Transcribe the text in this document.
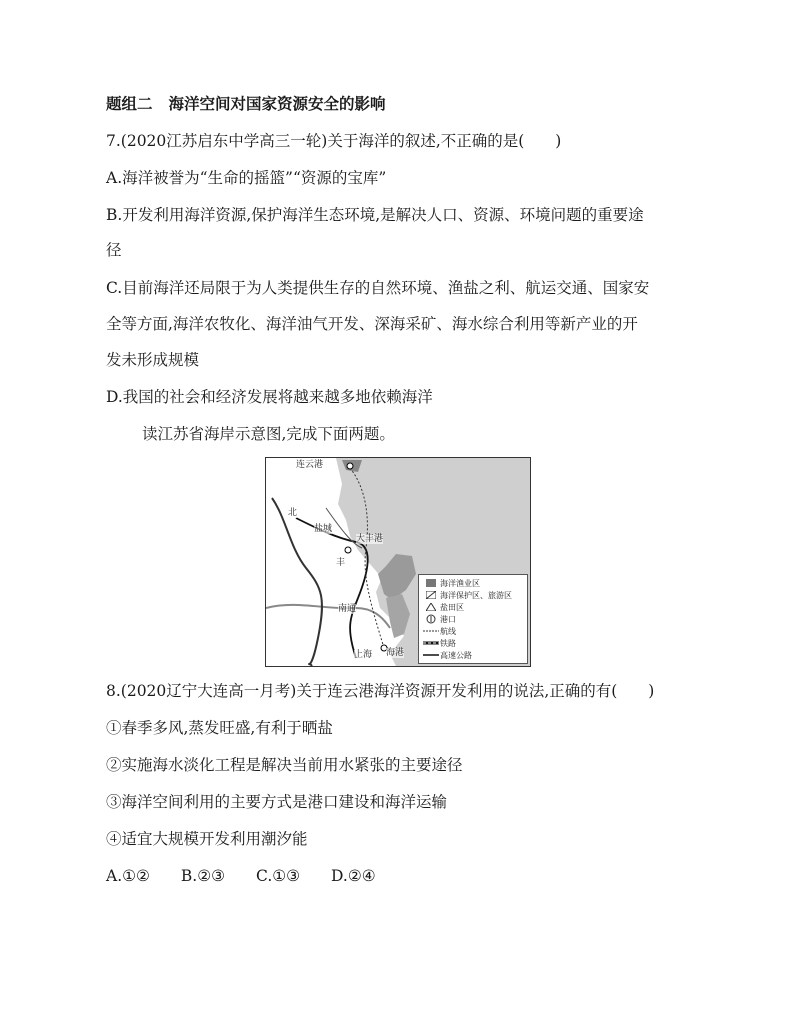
题组二 海洋空间对国家资源安全的影响
7.(2020江苏启东中学高三一轮)关于海洋的叙述,不正确的是(　　)
A.海洋被誉为“生命的摇篮”“资源的宝库”
B.开发利用海洋资源,保护海洋生态环境,是解决人口、资源、环境问题的重要途
径
C.目前海洋还局限于为人类提供生存的自然环境、渔盐之利、航运交通、国家安
全等方面,海洋农牧化、海洋油气开发、深海采矿、海水综合利用等新产业的开
发未形成规模
D.我国的社会和经济发展将越来越多地依赖海洋
读江苏省海岸示意图,完成下面两题。
连云港
北
盐城
大丰港
丰
南通
上海 海港
海洋渔业区
海洋保护区、旅游区
盐田区
港口
航线
铁路
高速公路
8.(2020辽宁大连高一月考)关于连云港海洋资源开发利用的说法,正确的有(　　)
①春季多风,蒸发旺盛,有利于晒盐
②实施海水淡化工程是解决当前用水紧张的主要途径
③海洋空间利用的主要方式是港口建设和海洋运输
④适宜大规模开发利用潮汐能
A.①②　　B.②③　　C.①③　　D.②④
